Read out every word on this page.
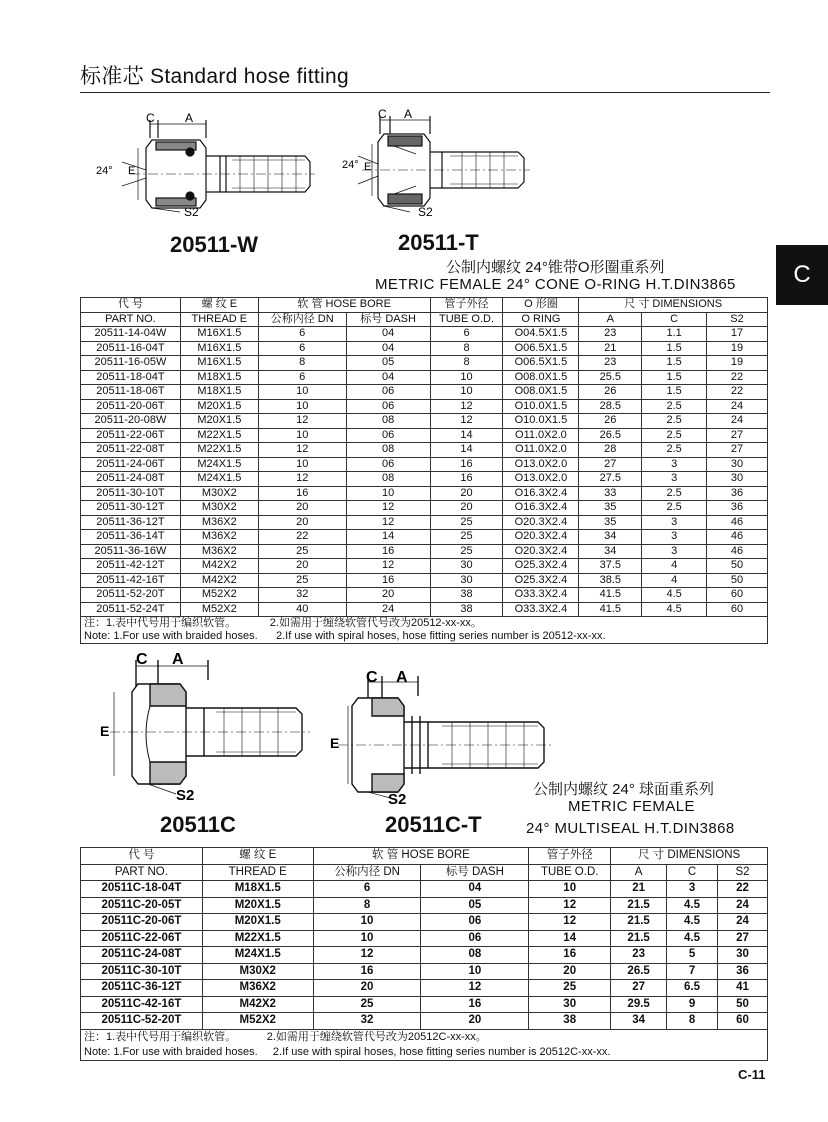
标准芯 Standard hose fitting
C
C	A
24° E
S2
20511-W
C A
24° E
S2
20511-T
公制内螺纹 24°锥带O形圈重系列
METRIC FEMALE 24° CONE O-RING H.T.DIN3865
代 号	螺 纹 E	软 管 HOSE BORE		管子外径	O 形圈	尺 寸 DIMENSIONS		
PART NO.	THREAD E	公称内径 DN	标号 DASH	TUBE O.D.	O RING	A	C	S2
20511-14-04W	M16X1.5	6	04	6	O04.5X1.5	23	1.1	17
20511-16-04T	M16X1.5	6	04	8	O06.5X1.5	21	1.5	19
20511-16-05W	M16X1.5	8	05	8	O06.5X1.5	23	1.5	19
20511-18-04T	M18X1.5	6	04	10	O08.0X1.5	25.5	1.5	22
20511-18-06T	M18X1.5	10	06	10	O08.0X1.5	26	1.5	22
20511-20-06T	M20X1.5	10	06	12	O10.0X1.5	28.5	2.5	24
20511-20-08W	M20X1.5	12	08	12	O10.0X1.5	26	2.5	24
20511-22-06T	M22X1.5	10	06	14	O11.0X2.0	26.5	2.5	27
20511-22-08T	M22X1.5	12	08	14	O11.0X2.0	28	2.5	27
20511-24-06T	M24X1.5	10	06	16	O13.0X2.0	27	3	30
20511-24-08T	M24X1.5	12	08	16	O13.0X2.0	27.5	3	30
20511-30-10T	M30X2	16	10	20	O16.3X2.4	33	2.5	36
20511-30-12T	M30X2	20	12	20	O16.3X2.4	35	2.5	36
20511-36-12T	M36X2	20	12	25	O20.3X2.4	35	3	46
20511-36-14T	M36X2	22	14	25	O20.3X2.4	34	3	46
20511-36-16W	M36X2	25	16	25	O20.3X2.4	34	3	46
20511-42-12T	M42X2	20	12	30	O25.3X2.4	37.5	4	50
20511-42-16T	M42X2	25	16	30	O25.3X2.4	38.5	4	50
20511-52-20T	M52X2	32	20	38	O33.3X2.4	41.5	4.5	60
20511-52-24T	M52X2	40	24	38	O33.3X2.4	41.5	4.5	60

注：1.表中代号用于编织软管。           2.如需用于缠绕软管代号改为20512-xx-xx。
Note: 1.For use with braided hoses.      2.If use with spiral hoses, hose fitting series number is 20512-xx-xx.								
C A
E
S2
20511C
C A
E
S2
20511C-T
公制内螺纹 24° 球面重系列
METRIC FEMALE
24° MULTISEAL H.T.DIN3868
代 号	螺 纹 E	软 管 HOSE BORE		管子外径	尺 寸 DIMENSIONS		
PART NO.	THREAD E	公称内径 DN	标号 DASH	TUBE O.D.	A	C	S2
20511C-18-04T	M18X1.5	6	04	10	21	3	22
20511C-20-05T	M20X1.5	8	05	12	21.5	4.5	24
20511C-20-06T	M20X1.5	10	06	12	21.5	4.5	24
20511C-22-06T	M22X1.5	10	06	14	21.5	4.5	27
20511C-24-08T	M24X1.5	12	08	16	23	5	30
20511C-30-10T	M30X2	16	10	20	26.5	7	36
20511C-36-12T	M36X2	20	12	25	27	6.5	41
20511C-42-16T	M42X2	25	16	30	29.5	9	50
20511C-52-20T	M52X2	32	20	38	34	8	60

注：1.表中代号用于编织软管。          2.如需用于缠绕软管代号改为20512C-xx-xx。
Note: 1.For use with braided hoses.     2.If use with spiral hoses, hose fitting series number is 20512C-xx-xx.							
C-11
